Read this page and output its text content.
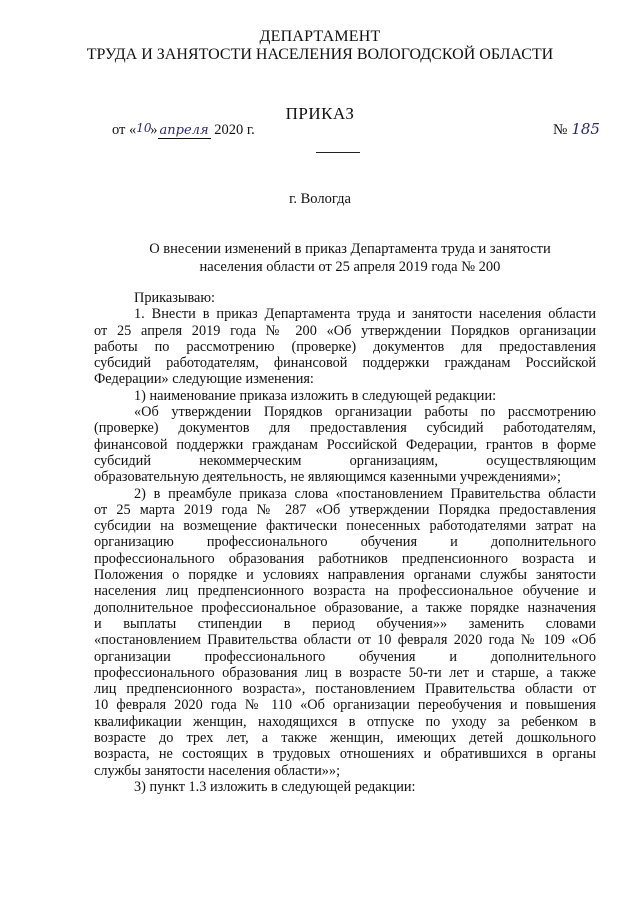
ДЕПАРТАМЕНТ
ТРУДА И ЗАНЯТОСТИ НАСЕЛЕНИЯ ВОЛОГОДСКОЙ ОБЛАСТИ
ПРИКАЗ
от «10» апреля 2020 г.	№ 185
г. Вологда
О внесении изменений в приказ Департамента труда и занятости
населения области от 25 апреля 2019 года № 200
Приказываю:
1. Внести в приказ Департамента труда и занятости населения области
от 25 апреля 2019 года № 200 «Об утверждении Порядков организации
работы по рассмотрению (проверке) документов для предоставления
субсидий работодателям, финансовой поддержки гражданам Российской
Федерации» следующие изменения:
1) наименование приказа изложить в следующей редакции:
«Об утверждении Порядков организации работы по рассмотрению
(проверке) документов для предоставления субсидий работодателям,
финансовой поддержки гражданам Российской Федерации, грантов в форме
субсидий некоммерческим организациям, осуществляющим
образовательную деятельность, не являющимся казенными учреждениями»;
2) в преамбуле приказа слова «постановлением Правительства области
от 25 марта 2019 года № 287 «Об утверждении Порядка предоставления
субсидии на возмещение фактически понесенных работодателями затрат на
организацию профессионального обучения и дополнительного
профессионального образования работников предпенсионного возраста и
Положения о порядке и условиях направления органами службы занятости
населения лиц предпенсионного возраста на профессиональное обучение и
дополнительное профессиональное образование, а также порядке назначения
и выплаты стипендии в период обучения»» заменить словами
«постановлением Правительства области от 10 февраля 2020 года № 109 «Об
организации профессионального обучения и дополнительного
профессионального образования лиц в возрасте 50-ти лет и старше, а также
лиц предпенсионного возраста», постановлением Правительства области от
10 февраля 2020 года № 110 «Об организации переобучения и повышения
квалификации женщин, находящихся в отпуске по уходу за ребенком в
возрасте до трех лет, а также женщин, имеющих детей дошкольного
возраста, не состоящих в трудовых отношениях и обратившихся в органы
службы занятости населения области»»;
3) пункт 1.3 изложить в следующей редакции:
